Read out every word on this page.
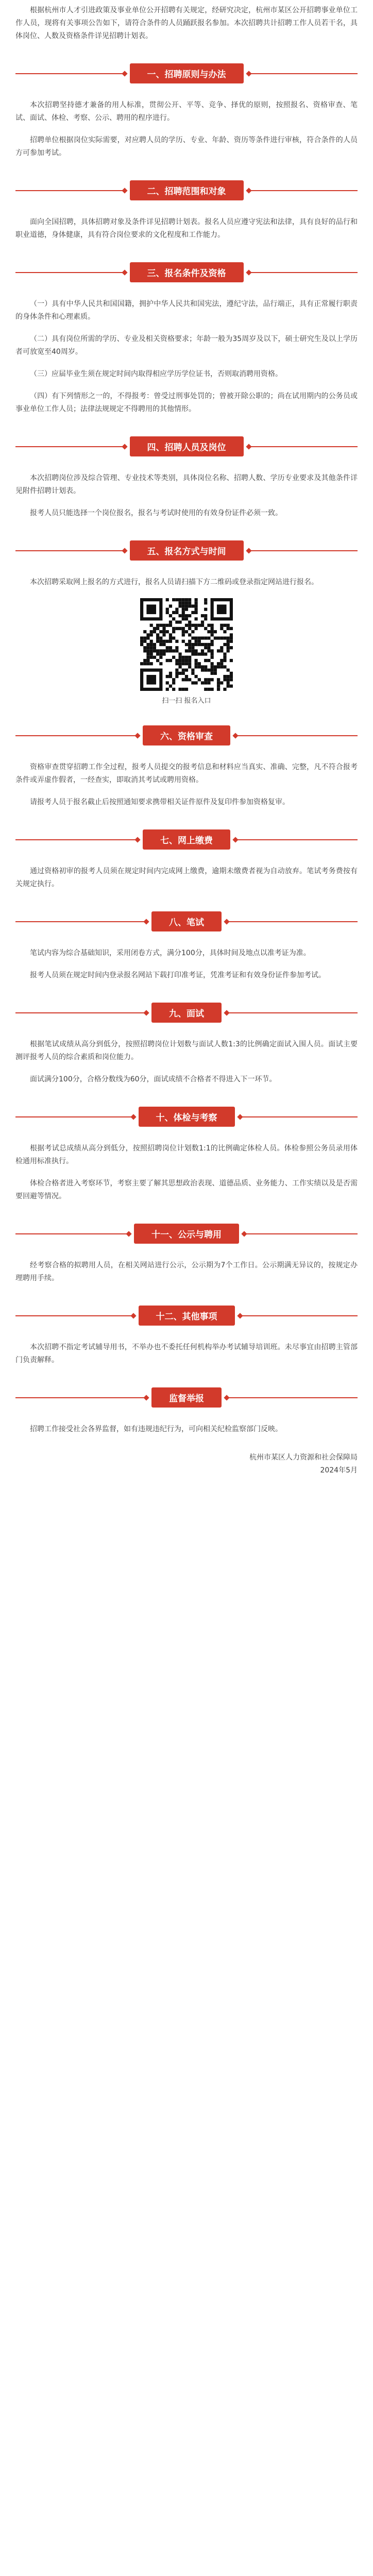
根据杭州市人才引进政策及事业单位公开招聘有关规定，经研究决定，杭州市某区公开招聘事业单位工作人员，现将有关事项公告如下，请符合条件的人员踊跃报名参加。本次招聘共计招聘工作人员若干名，具体岗位、人数及资格条件详见招聘计划表。

一、招聘原则与办法

本次招聘坚持德才兼备的用人标准，贯彻公开、平等、竞争、择优的原则，按照报名、资格审查、笔试、面试、体检、考察、公示、聘用的程序进行。

招聘单位根据岗位实际需要，对应聘人员的学历、专业、年龄、资历等条件进行审核，符合条件的人员方可参加考试。

二、招聘范围和对象

面向全国招聘，具体招聘对象及条件详见招聘计划表。报名人员应遵守宪法和法律，具有良好的品行和职业道德，身体健康，具有符合岗位要求的文化程度和工作能力。

三、报名条件及资格

（一）具有中华人民共和国国籍，拥护中华人民共和国宪法，遵纪守法，品行端正，具有正常履行职责的身体条件和心理素质。

（二）具有岗位所需的学历、专业及相关资格要求；年龄一般为35周岁及以下，硕士研究生及以上学历者可放宽至40周岁。

（三）应届毕业生须在规定时间内取得相应学历学位证书，否则取消聘用资格。

（四）有下列情形之一的，不得报考：曾受过刑事处罚的；曾被开除公职的；尚在试用期内的公务员或事业单位工作人员；法律法规规定不得聘用的其他情形。

四、招聘人员及岗位

本次招聘岗位涉及综合管理、专业技术等类别，具体岗位名称、招聘人数、学历专业要求及其他条件详见附件招聘计划表。

报考人员只能选择一个岗位报名，报名与考试时使用的有效身份证件必须一致。

五、报名方式与时间

本次招聘采取网上报名的方式进行，报名人员请扫描下方二维码或登录指定网站进行报名。

扫一扫 报名入口
六、资格审查

资格审查贯穿招聘工作全过程，报考人员提交的报考信息和材料应当真实、准确、完整，凡不符合报考条件或弄虚作假者，一经查实，即取消其考试或聘用资格。

请报考人员于报名截止后按照通知要求携带相关证件原件及复印件参加资格复审。

七、网上缴费

通过资格初审的报考人员须在规定时间内完成网上缴费，逾期未缴费者视为自动放弃。笔试考务费按有关规定执行。

八、笔试

笔试内容为综合基础知识，采用闭卷方式，满分100分，具体时间及地点以准考证为准。

报考人员须在规定时间内登录报名网站下载打印准考证，凭准考证和有效身份证件参加考试。

九、面试

根据笔试成绩从高分到低分，按照招聘岗位计划数与面试人数1:3的比例确定面试入围人员。面试主要测评报考人员的综合素质和岗位能力。

面试满分100分，合格分数线为60分，面试成绩不合格者不得进入下一环节。

十、体检与考察

根据考试总成绩从高分到低分，按照招聘岗位计划数1:1的比例确定体检人员。体检参照公务员录用体检通用标准执行。

体检合格者进入考察环节，考察主要了解其思想政治表现、道德品质、业务能力、工作实绩以及是否需要回避等情况。

十一、公示与聘用

经考察合格的拟聘用人员，在相关网站进行公示，公示期为7个工作日。公示期满无异议的，按规定办理聘用手续。

十二、其他事项

本次招聘不指定考试辅导用书，不举办也不委托任何机构举办考试辅导培训班。未尽事宜由招聘主管部门负责解释。

监督举报

招聘工作接受社会各界监督，如有违规违纪行为，可向相关纪检监察部门反映。

杭州市某区人力资源和社会保障局
2024年5月
